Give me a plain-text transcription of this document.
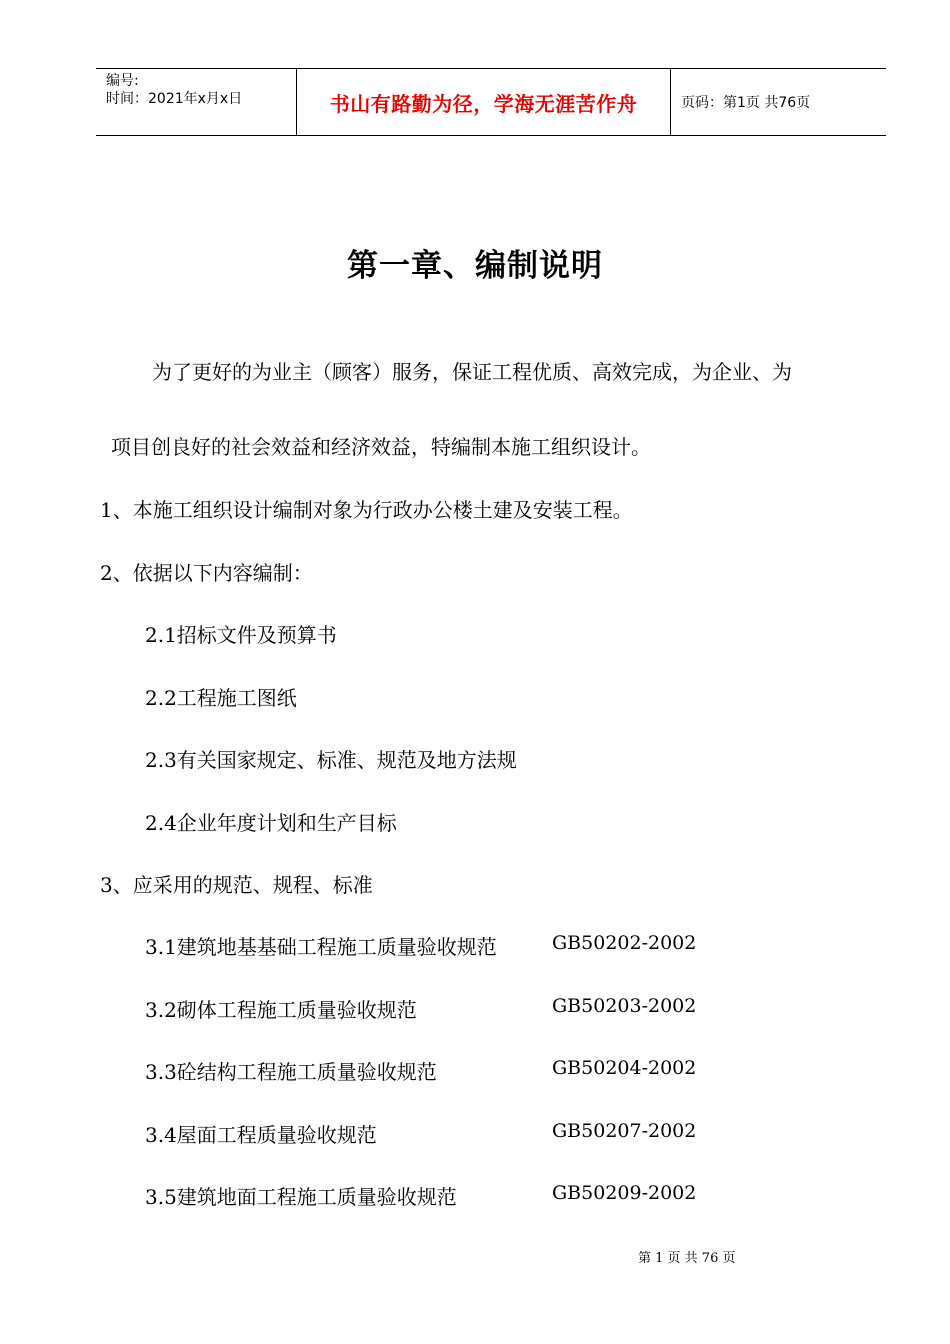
编号:
时间：2021年x月x日	书山有路勤为径，学海无涯苦作舟	页码：第1页 共76页
第一章、编制说明
为了更好的为业主（顾客）服务，保证工程优质、高效完成，为企业、为
项目创良好的社会效益和经济效益，特编制本施工组织设计。
1、本施工组织设计编制对象为行政办公楼土建及安装工程。
2、依据以下内容编制：
2.1招标文件及预算书
2.2工程施工图纸
2.3有关国家规定、标准、规范及地方法规
2.4企业年度计划和生产目标
3、应采用的规范、规程、标准
3.1建筑地基基础工程施工质量验收规范	GB50202-2002
3.2砌体工程施工质量验收规范	GB50203-2002
3.3砼结构工程施工质量验收规范	GB50204-2002
3.4屋面工程质量验收规范	GB50207-2002
3.5建筑地面工程施工质量验收规范	GB50209-2002
第 1 页 共 76 页
